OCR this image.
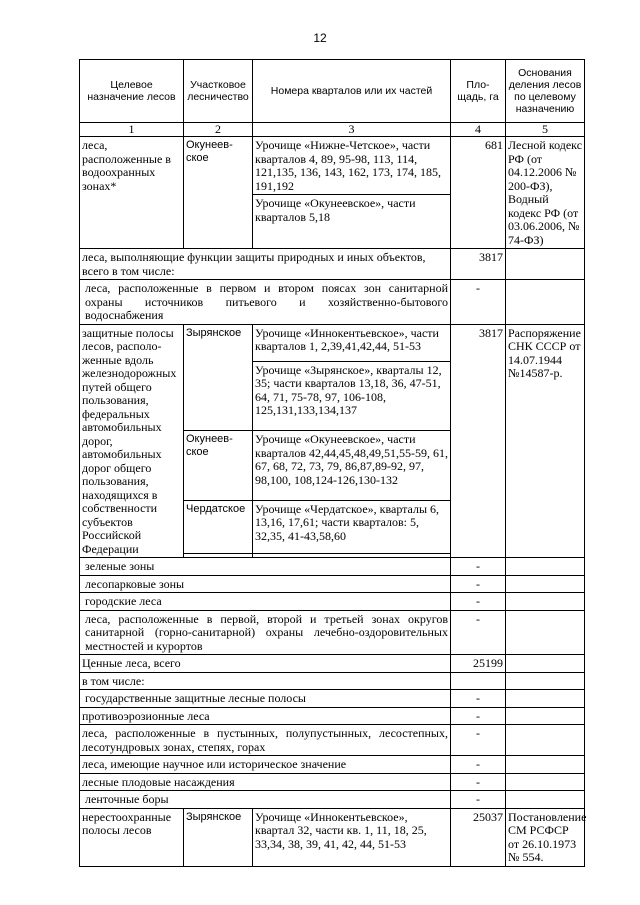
12
Целевое назначение лесов	Участковое лесничество	Номера кварталов или их частей	Пло-щадь, га	Основания деления лесов по целевому назначению
1	2	3	4	5
леса, расположенные в водоохранных зонах*	Окунеев-ское	Урочище «Нижне-Четское», части кварталов 4, 89, 95-98, 113, 114, 121,135, 136, 143, 162, 173, 174, 185, 191,192	681	Лесной кодекс РФ (от 04.12.2006 № 200-ФЗ), Водный кодекс РФ (от 03.06.2006, № 74-ФЗ)
		Урочище «Окунеевское», части кварталов 5,18		
леса, выполняющие функции защиты природных и иных объектов, всего в том числе:			3817	
леса, расположенные в первом и втором поясах зон санитарной охраны источников питьевого и хозяйственно-бытового водоснабжения			-	
защитные полосы лесов, располо-женные вдоль железнодорожных путей общего пользования, федеральных автомобильных дорог, автомобильных дорог общего пользования, находящихся в собственности субъектов Российской Федерации	Зырянское	Урочище «Иннокентьевское», части кварталов 1, 2,39,41,42,44, 51-53	3817	Распоряжение СНК СССР от 14.07.1944 №14587-р.
		Урочище «Зырянское», кварталы 12, 35; части кварталов 13,18, 36, 47-51, 64, 71, 75-78, 97, 106-108, 125,131,133,134,137		
	Окунеев-ское	Урочище «Окунеевское», части кварталов 42,44,45,48,49,51,55-59, 61, 67, 68, 72, 73, 79, 86,87,89-92, 97, 98,100, 108,124-126,130-132		
	Чердатское	Урочище «Чердатское», кварталы 6, 13,16, 17,61; части кварталов: 5, 32,35, 41-43,58,60		

зеленые зоны			-	
лесопарковые зоны			-	
городские леса			-	
леса, расположенные в первой, второй и третьей зонах округов санитарной (горно-санитарной) охраны лечебно-оздоровительных местностей и курортов			-	
Ценные леса, всего			25199	
в том числе:				
государственные защитные лесные полосы			-	
противоэрозионные леса			-	
леса, расположенные в пустынных, полупустынных, лесостепных, лесотундровых зонах, степях, горах			-	
леса, имеющие научное или историческое значение			-	
лесные плодовые насаждения			-	
ленточные боры			-	
нерестоохранные полосы лесов	Зырянское	Урочище «Иннокентьевское», квартал 32, части кв. 1, 11, 18, 25, 33,34, 38, 39, 41, 42, 44, 51-53	25037	Постановление СМ РСФСР от 26.10.1973 № 554.
